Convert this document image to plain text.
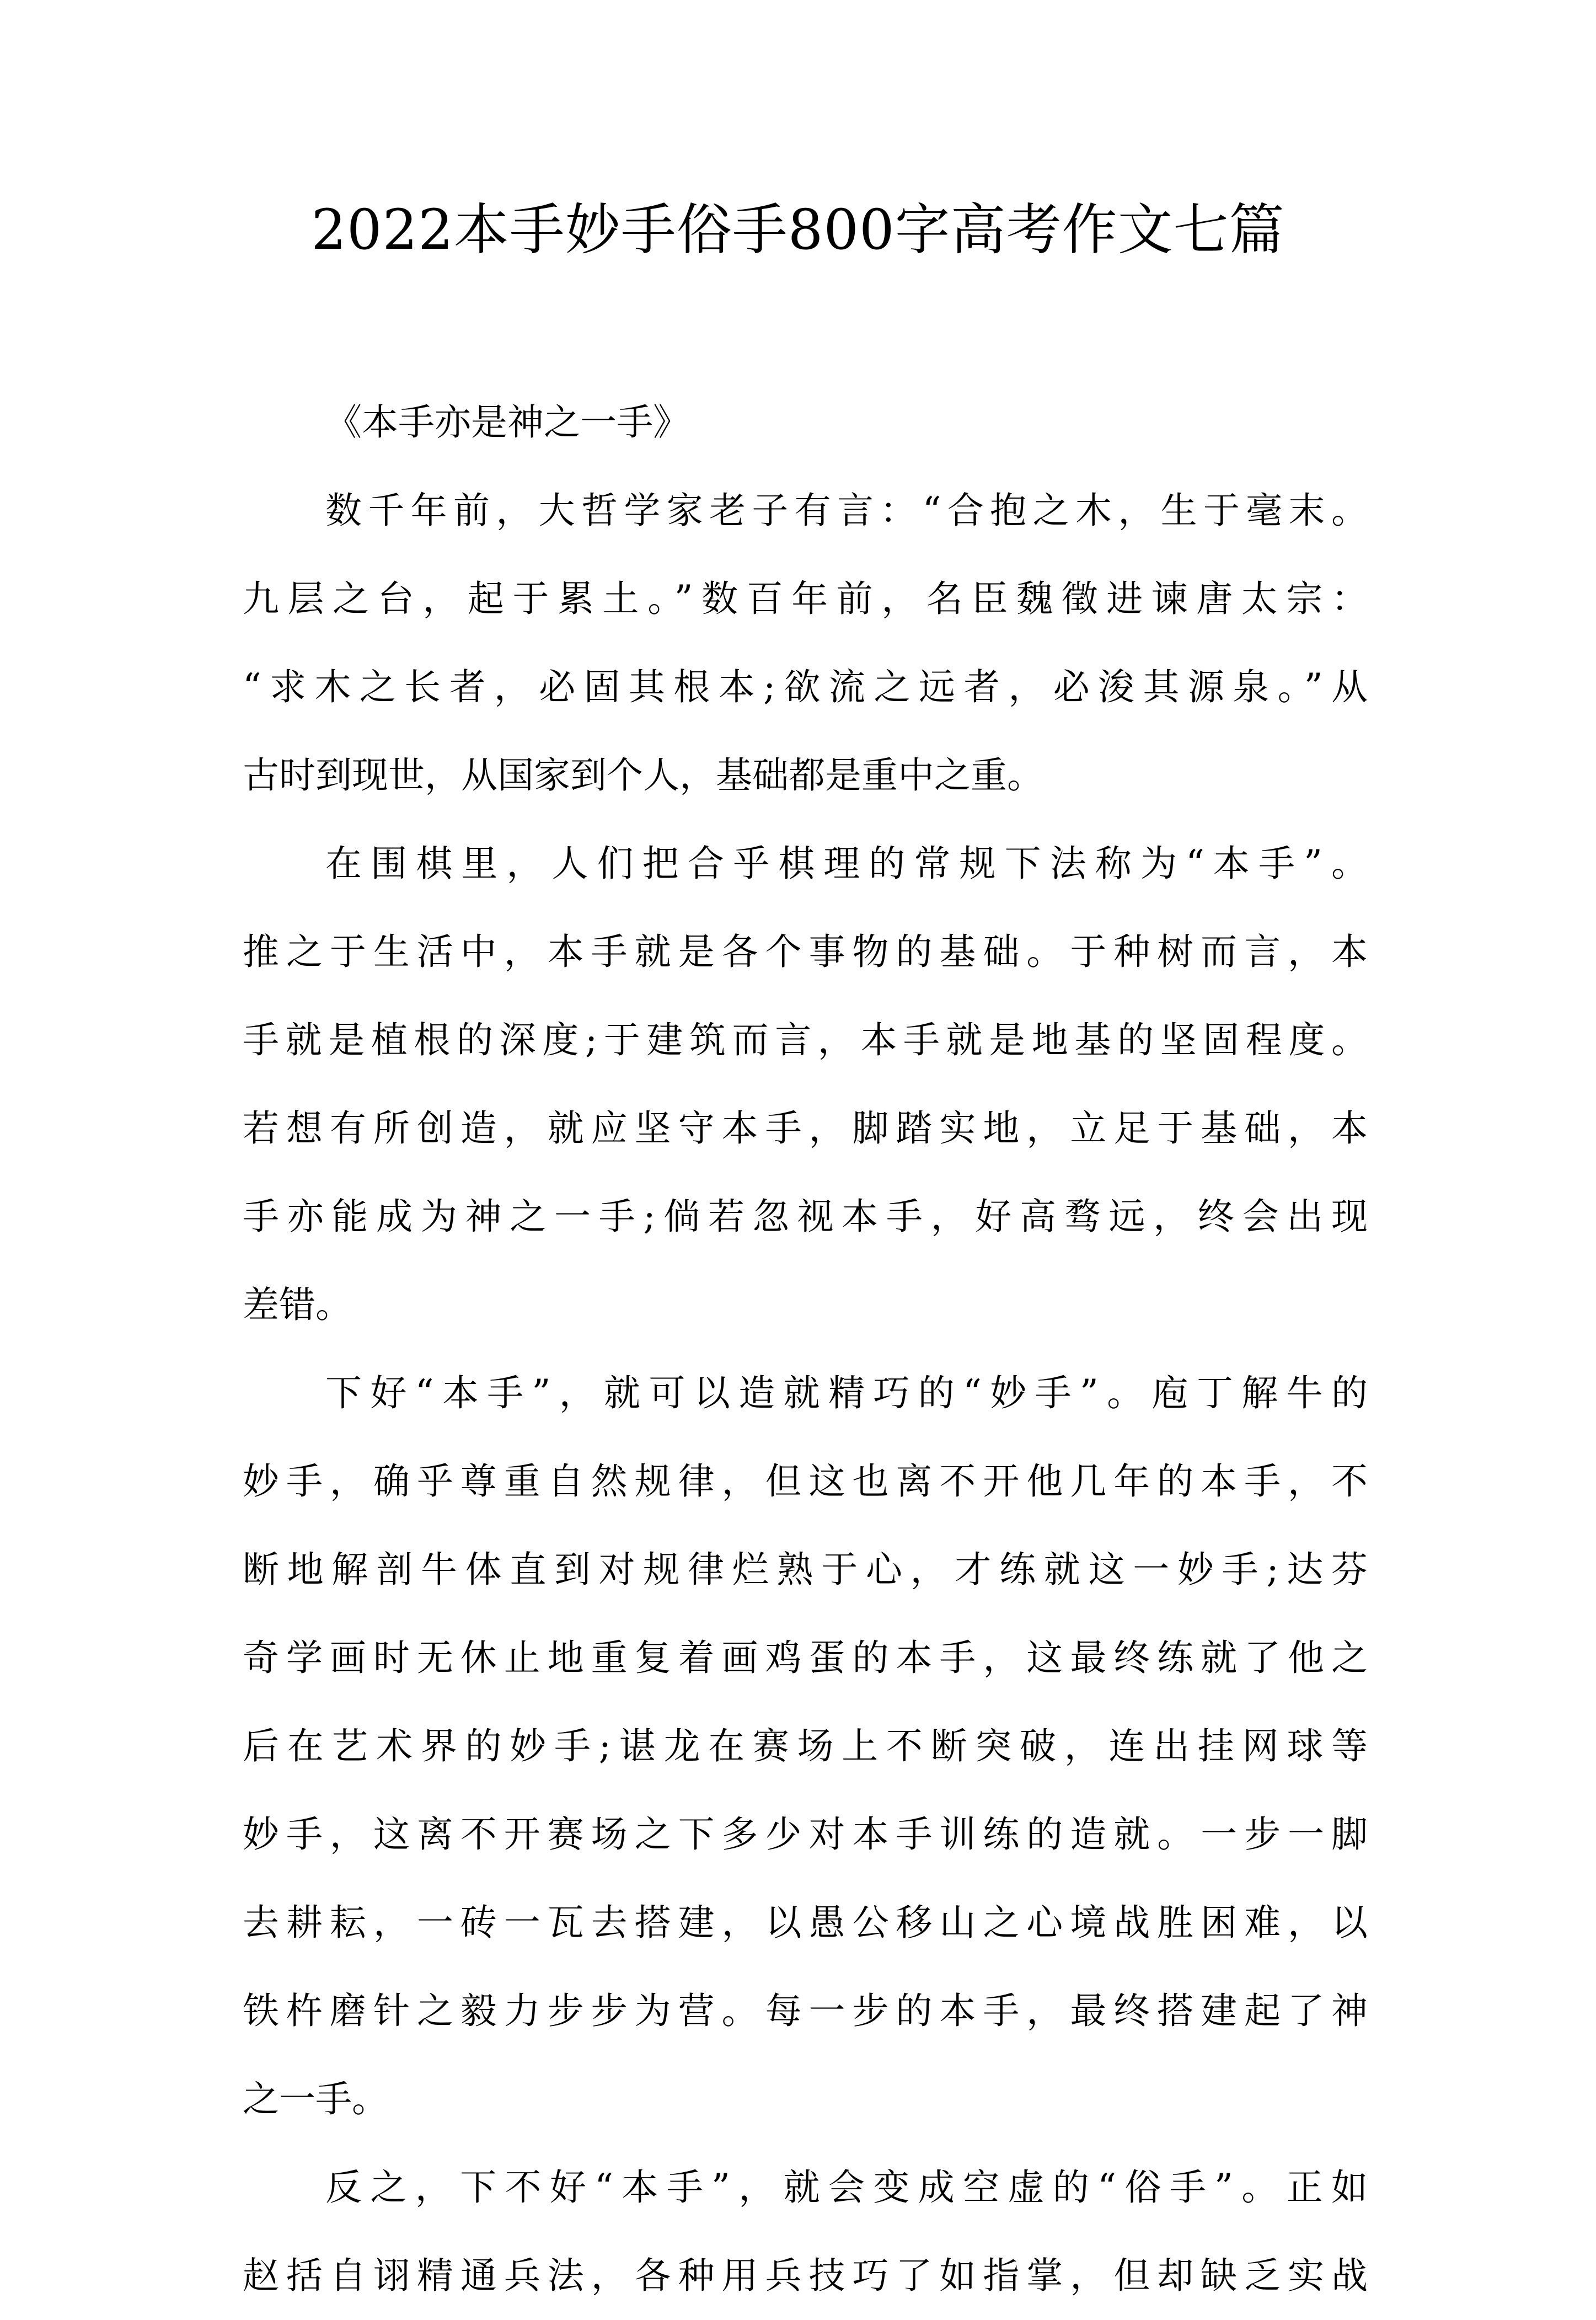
2022本手妙手俗手800字高考作文七篇
《本手亦是神之一手》
数千年前，大哲学家老子有言：“合抱之木，生于毫末。
九层之台，起于累土。”数百年前，名臣魏徵进谏唐太宗：
“求木之长者，必固其根本;欲流之远者，必浚其源泉。”从
古时到现世，从国家到个人，基础都是重中之重。
在围棋里，人们把合乎棋理的常规下法称为“本手”。
推之于生活中，本手就是各个事物的基础。于种树而言，本
手就是植根的深度;于建筑而言，本手就是地基的坚固程度。
若想有所创造，就应坚守本手，脚踏实地，立足于基础，本
手亦能成为神之一手;倘若忽视本手，好高骛远，终会出现
差错。
下好“本手”，就可以造就精巧的“妙手”。庖丁解牛的
妙手，确乎尊重自然规律，但这也离不开他几年的本手，不
断地解剖牛体直到对规律烂熟于心，才练就这一妙手;达芬
奇学画时无休止地重复着画鸡蛋的本手，这最终练就了他之
后在艺术界的妙手;谌龙在赛场上不断突破，连出挂网球等
妙手，这离不开赛场之下多少对本手训练的造就。一步一脚
去耕耘，一砖一瓦去搭建，以愚公移山之心境战胜困难，以
铁杵磨针之毅力步步为营。每一步的本手，最终搭建起了神
之一手。
反之，下不好“本手”，就会变成空虚的“俗手”。正如
赵括自诩精通兵法，各种用兵技巧了如指掌，但却缺乏实战
